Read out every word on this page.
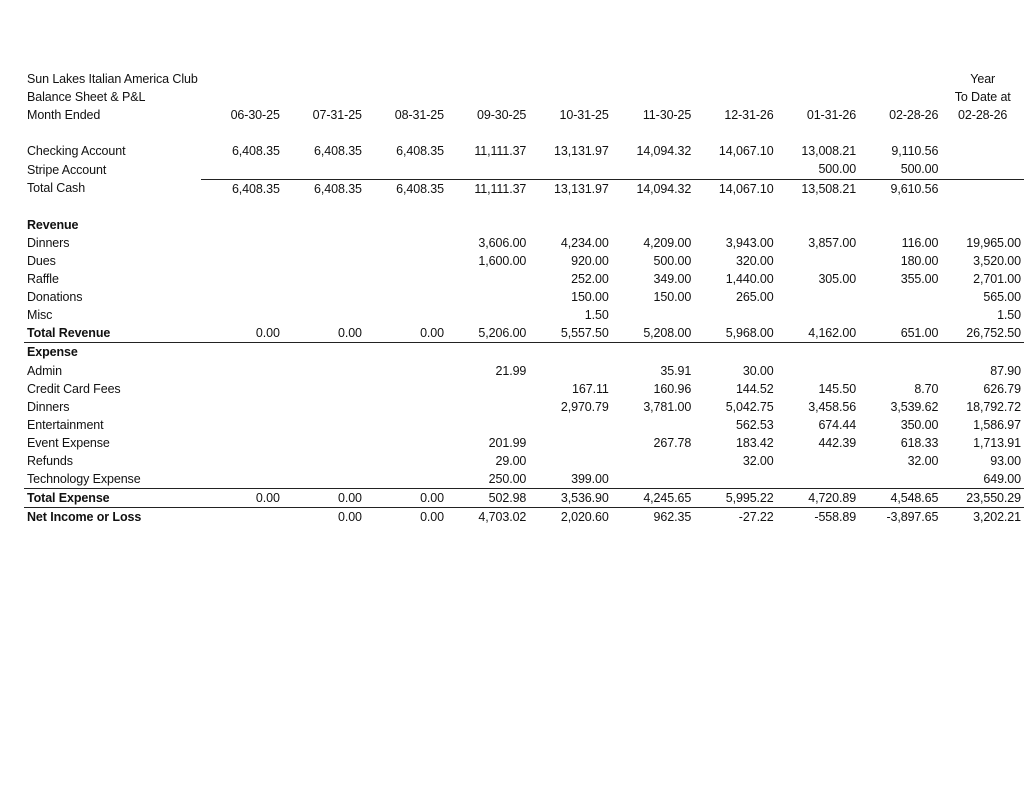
Sun Lakes Italian America Club										Year
Balance Sheet & P&L										To Date at
Month Ended	06-30-25	07-31-25	08-31-25	09-30-25	10-31-25	11-30-25	12-31-26	01-31-26	02-28-26	02-28-26

Checking Account	6,408.35	6,408.35	6,408.35	11,111.37	13,131.97	14,094.32	14,067.10	13,008.21	9,110.56	
Stripe Account								500.00	500.00	
Total Cash	6,408.35	6,408.35	6,408.35	11,111.37	13,131.97	14,094.32	14,067.10	13,508.21	9,610.56	

Revenue										
Dinners				3,606.00	4,234.00	4,209.00	3,943.00	3,857.00	116.00	19,965.00
Dues				1,600.00	920.00	500.00	320.00		180.00	3,520.00
Raffle					252.00	349.00	1,440.00	305.00	355.00	2,701.00
Donations					150.00	150.00	265.00			565.00
Misc					1.50					1.50
Total Revenue	0.00	0.00	0.00	5,206.00	5,557.50	5,208.00	5,968.00	4,162.00	651.00	26,752.50
Expense										
Admin				21.99		35.91	30.00			87.90
Credit Card Fees					167.11	160.96	144.52	145.50	8.70	626.79
Dinners					2,970.79	3,781.00	5,042.75	3,458.56	3,539.62	18,792.72
Entertainment							562.53	674.44	350.00	1,586.97
Event Expense				201.99		267.78	183.42	442.39	618.33	1,713.91
Refunds				29.00			32.00		32.00	93.00
Technology Expense				250.00	399.00					649.00
Total Expense	0.00	0.00	0.00	502.98	3,536.90	4,245.65	5,995.22	4,720.89	4,548.65	23,550.29
Net Income or Loss		0.00	0.00	4,703.02	2,020.60	962.35	-27.22	-558.89	-3,897.65	3,202.21
